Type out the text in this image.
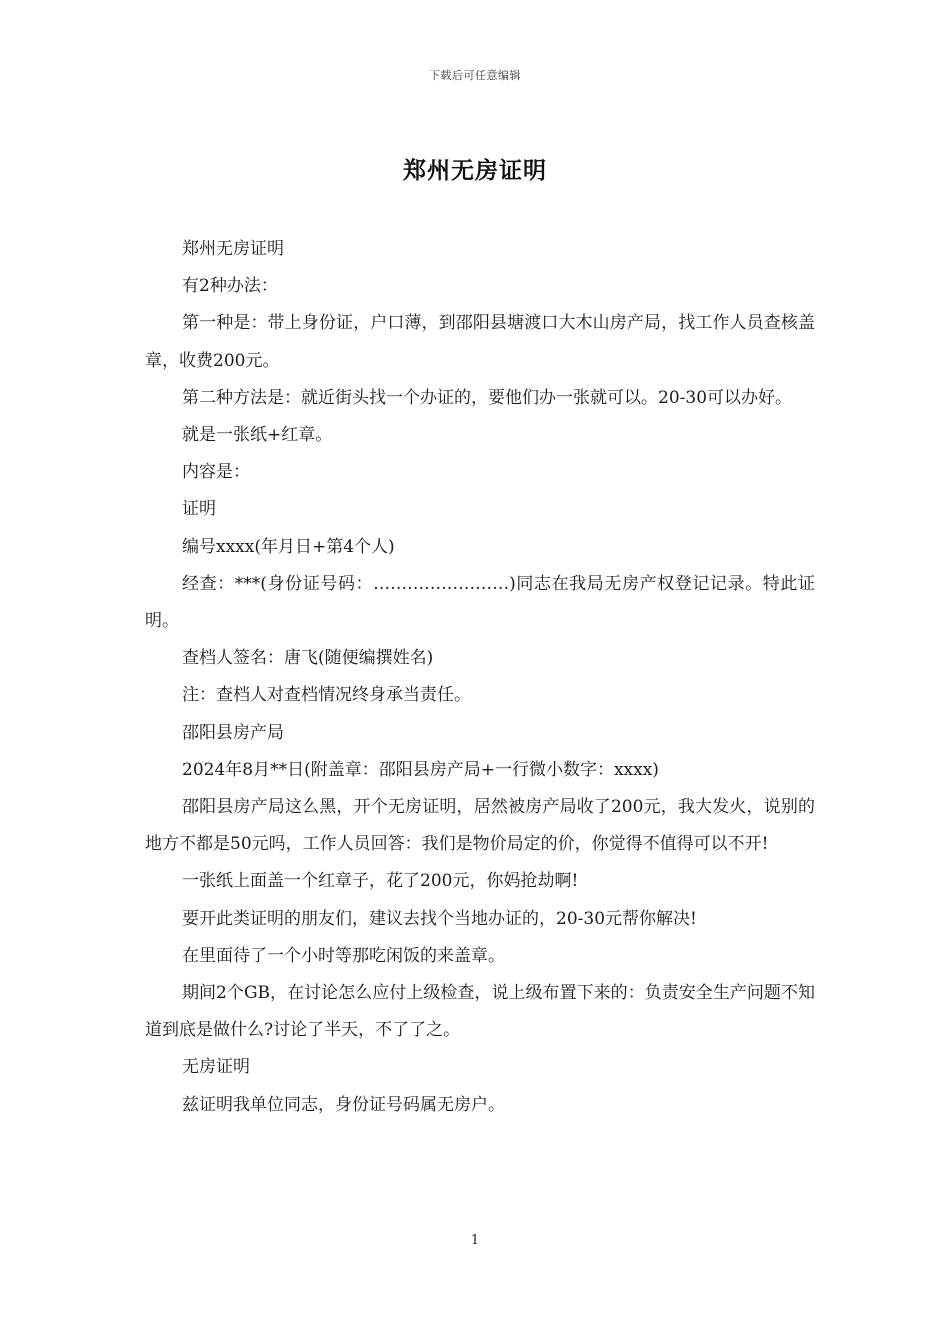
下载后可任意编辑
郑州无房证明

郑州无房证明

有2种办法：

第一种是：带上身份证，户口薄，到邵阳县塘渡口大木山房产局，找工作人员查核盖章，收费200元。

第二种方法是：就近街头找一个办证的，要他们办一张就可以。20-30可以办好。

就是一张纸+红章。

内容是：

证明

编号xxxx(年月日+第4个人)

经查：***(身份证号码：……………………)同志在我局无房产权登记记录。特此证明。

查档人签名：唐飞(随便编撰姓名)

注：查档人对查档情况终身承当责任。

邵阳县房产局

2024年8月**日(附盖章：邵阳县房产局+一行微小数字：xxxx)

邵阳县房产局这么黑，开个无房证明，居然被房产局收了200元，我大发火，说别的地方不都是50元吗，工作人员回答：我们是物价局定的价，你觉得不值得可以不开!

一张纸上面盖一个红章子，花了200元，你妈抢劫啊!

要开此类证明的朋友们，建议去找个当地办证的，20-30元帮你解决!

在里面待了一个小时等那吃闲饭的来盖章。

期间2个GB，在讨论怎么应付上级检查，说上级布置下来的：负责安全生产问题不知道到底是做什么?讨论了半天，不了了之。

无房证明

兹证明我单位同志，身份证号码属无房户。

1
